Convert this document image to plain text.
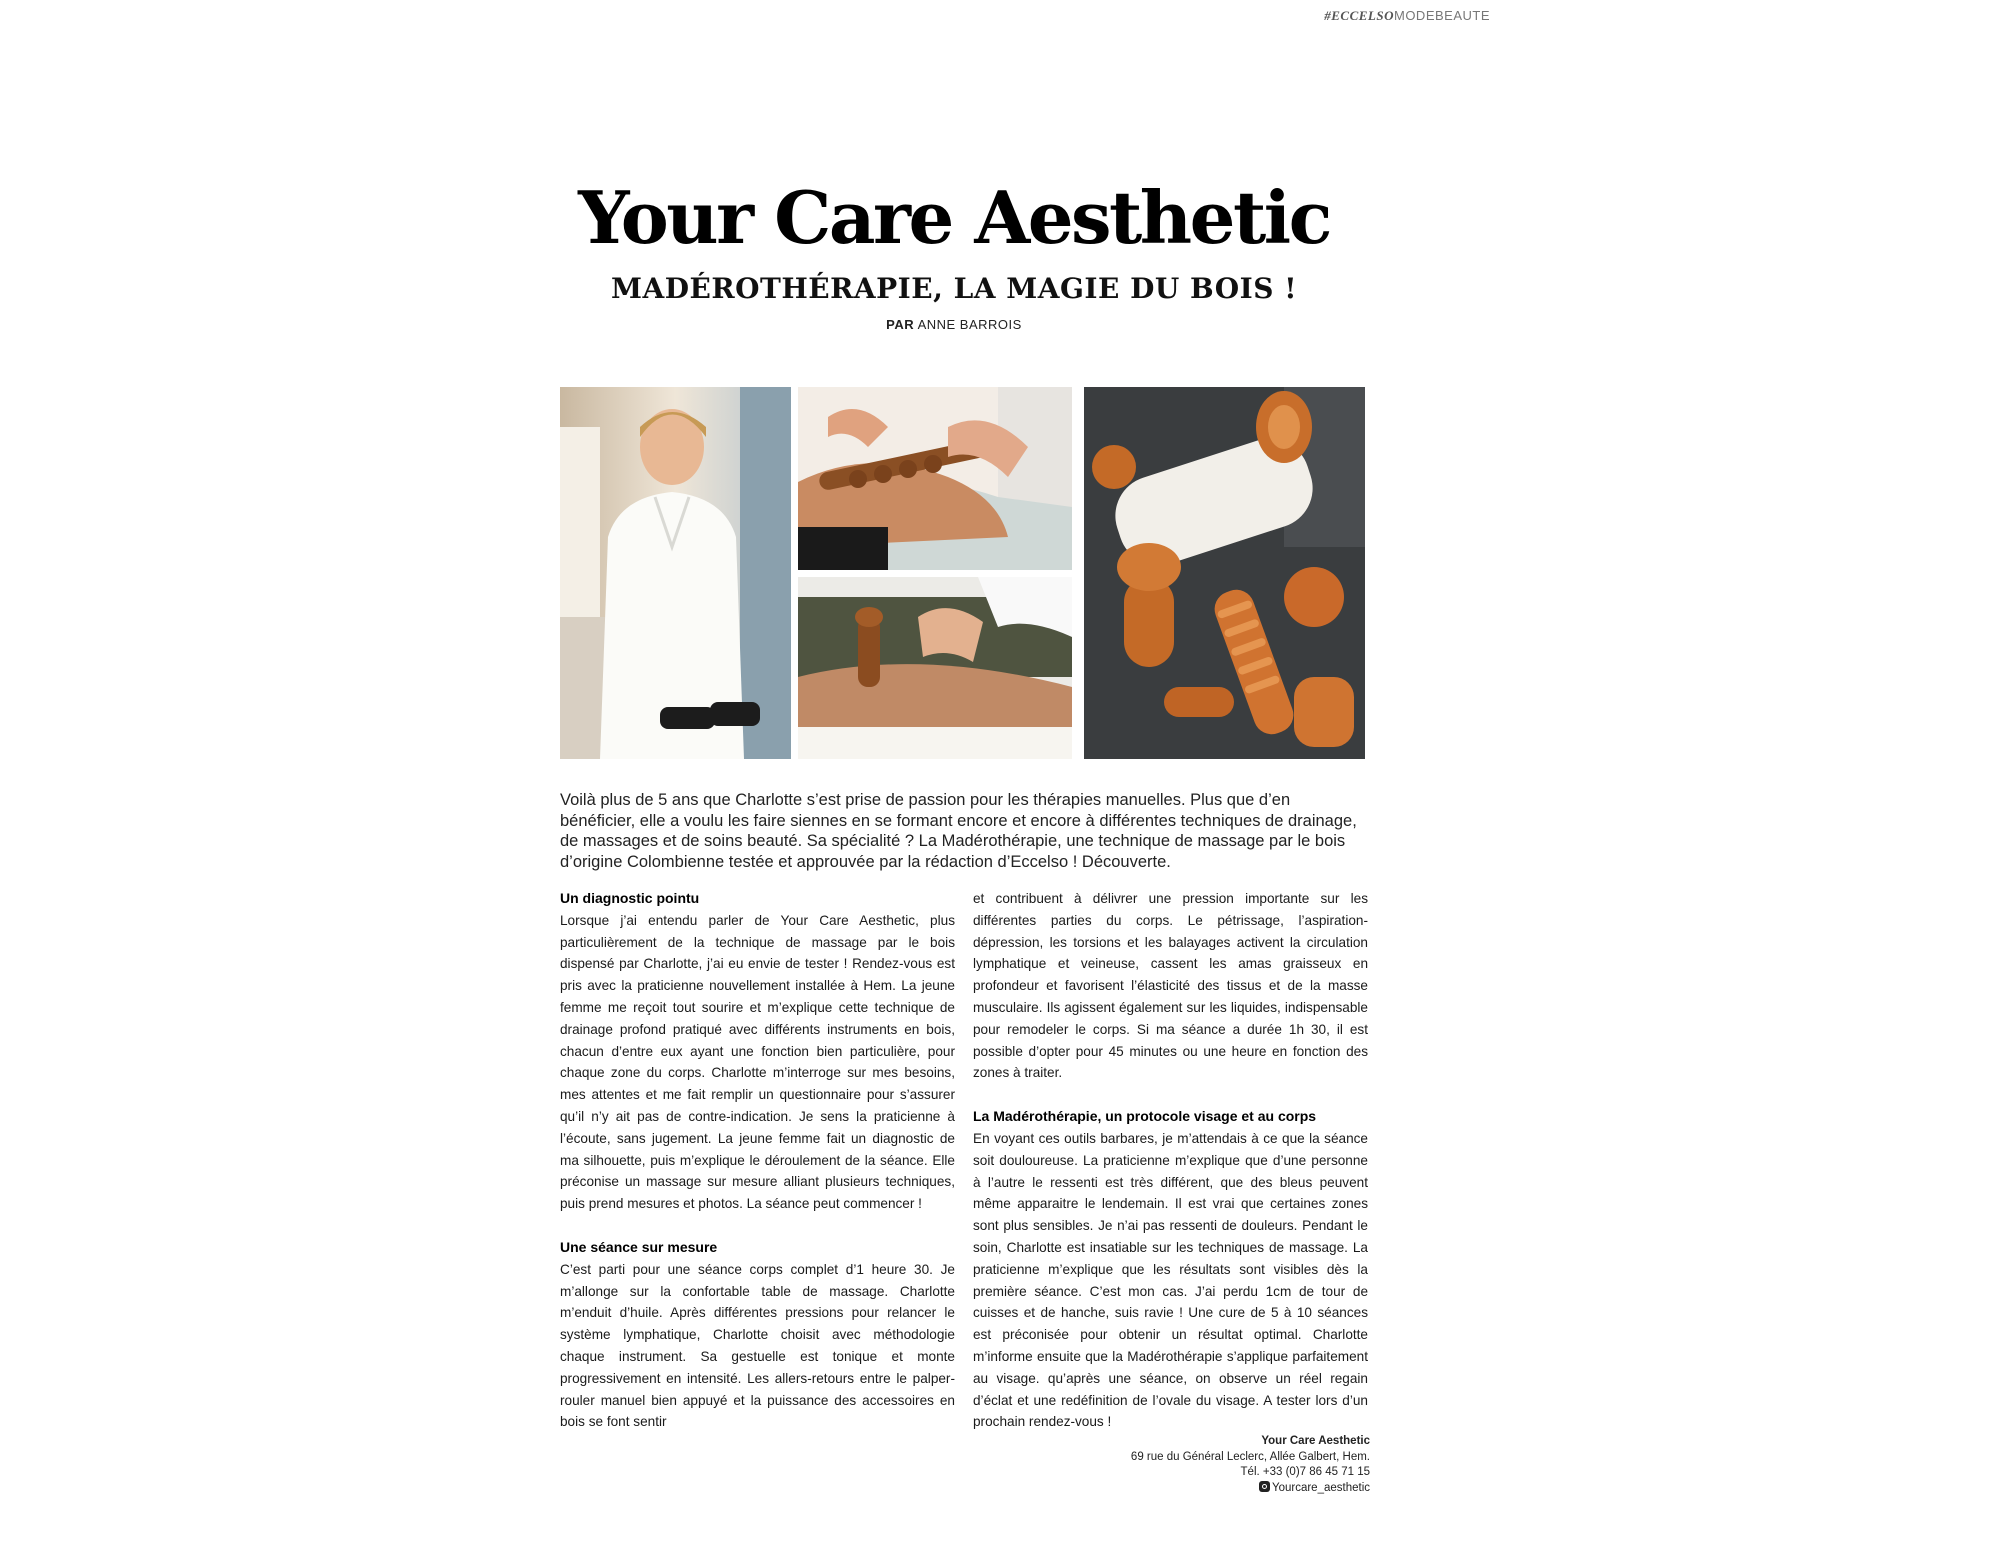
#ECCELSOMODEBEAUTE
Your Care Aesthetic
MADÉROTHÉRAPIE, LA MAGIE DU BOIS !
PAR ANNE BARROIS
Voilà plus de 5 ans que Charlotte s’est prise de passion pour les thérapies manuelles. Plus que d’en bénéficier, elle a voulu les faire siennes en se formant encore et encore à différentes techniques de drainage, de massages et de soins beauté. Sa spécialité ? La Madérothérapie, une technique de massage par le bois d’origine Colombienne testée et approuvée par la rédaction d’Eccelso ! Découverte.
Un diagnostic pointu

Lorsque j’ai entendu parler de Your Care Aesthetic, plus particulièrement de la technique de massage par le bois dispensé par Charlotte, j’ai eu envie de tester ! Rendez-vous est pris avec la praticienne nouvellement installée à Hem. La jeune femme me reçoit tout sourire et m’explique cette technique de drainage profond pratiqué avec différents instruments en bois, chacun d’entre eux ayant une fonction bien particulière, pour chaque zone du corps. Charlotte m’interroge sur mes besoins, mes attentes et me fait remplir un questionnaire pour s’assurer qu’il n’y ait pas de contre-indication. Je sens la praticienne à l’écoute, sans jugement. La jeune femme fait un diagnostic de ma silhouette, puis m’explique le déroulement de la séance. Elle préconise un massage sur mesure alliant plusieurs techniques, puis prend mesures et photos. La séance peut commencer !

Une séance sur mesure

C’est parti pour une séance corps complet d’1 heure 30. Je m’allonge sur la confortable table de massage. Charlotte m’enduit d’huile. Après différentes pressions pour relancer le système lymphatique, Charlotte choisit avec méthodologie chaque instrument. Sa gestuelle est tonique et monte progressivement en intensité. Les allers-retours entre le palper-rouler manuel bien appuyé et la puissance des accessoires en bois se font sentir

et contribuent à délivrer une pression importante sur les différentes parties du corps. Le pétrissage, l’aspiration-dépression, les torsions et les balayages activent la circulation lymphatique et veineuse, cassent les amas graisseux en profondeur et favorisent l’élasticité des tissus et de la masse musculaire. Ils agissent également sur les liquides, indispensable pour remodeler le corps. Si ma séance a durée 1h 30, il est possible d’opter pour 45 minutes ou une heure en fonction des zones à traiter.

La Madérothérapie, un protocole visage et au corps

En voyant ces outils barbares, je m’attendais à ce que la séance soit douloureuse. La praticienne m’explique que d’une personne à l’autre le ressenti est très différent, que des bleus peuvent même apparaitre le lendemain. Il est vrai que certaines zones sont plus sensibles. Je n’ai pas ressenti de douleurs. Pendant le soin, Charlotte est insatiable sur les techniques de massage. La praticienne m’explique que les résultats sont visibles dès la première séance. C’est mon cas. J’ai perdu 1cm de tour de cuisses et de hanche, suis ravie ! Une cure de 5 à 10 séances est préconisée pour obtenir un résultat optimal. Charlotte m’informe ensuite que la Madérothérapie s’applique parfaitement au visage. qu’après une séance, on observe un réel regain d’éclat et une redéfinition de l’ovale du visage. A tester lors d’un prochain rendez-vous !

Your Care Aesthetic
69 rue du Général Leclerc, Allée Galbert, Hem.
Tél. +33 (0)7 86 45 71 15
Yourcare_aesthetic
